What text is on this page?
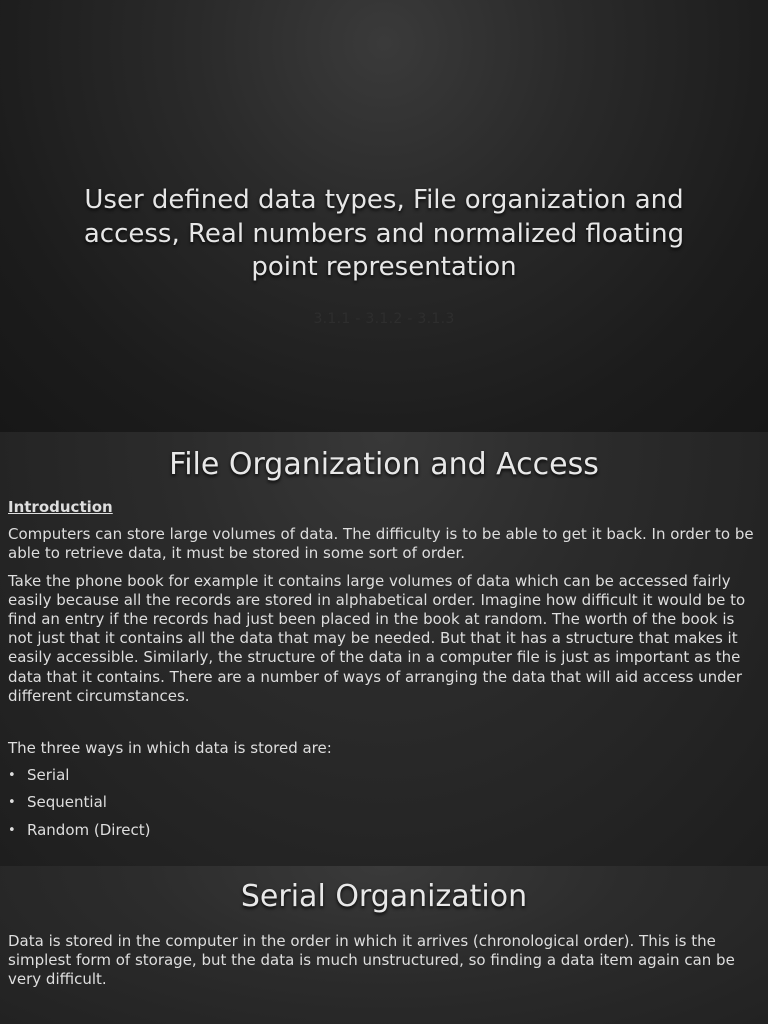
User defined data types, File organization and access, Real numbers and normalized floating point representation
3.1.1 - 3.1.2 - 3.1.3
File Organization and Access

Introduction

Computers can store large volumes of data. The difficulty is to be able to get it back. In order to be able to retrieve data, it must be stored in some sort of order.

Take the phone book for example it contains large volumes of data which can be accessed fairly easily because all the records are stored in alphabetical order. Imagine how difficult it would be to find an entry if the records had just been placed in the book at random. The worth of the book is not just that it contains all the data that may be needed. But that it has a structure that makes it easily accessible. Similarly, the structure of the data in a computer file is just as important as the data that it contains. There are a number of ways of arranging the data that will aid access under different circumstances.

The three ways in which data is stored are:

• Serial
• Sequential
• Random (Direct)
Serial Organization

Data is stored in the computer in the order in which it arrives (chronological order). This is the simplest form of storage, but the data is much unstructured, so finding a data item again can be very difficult.
